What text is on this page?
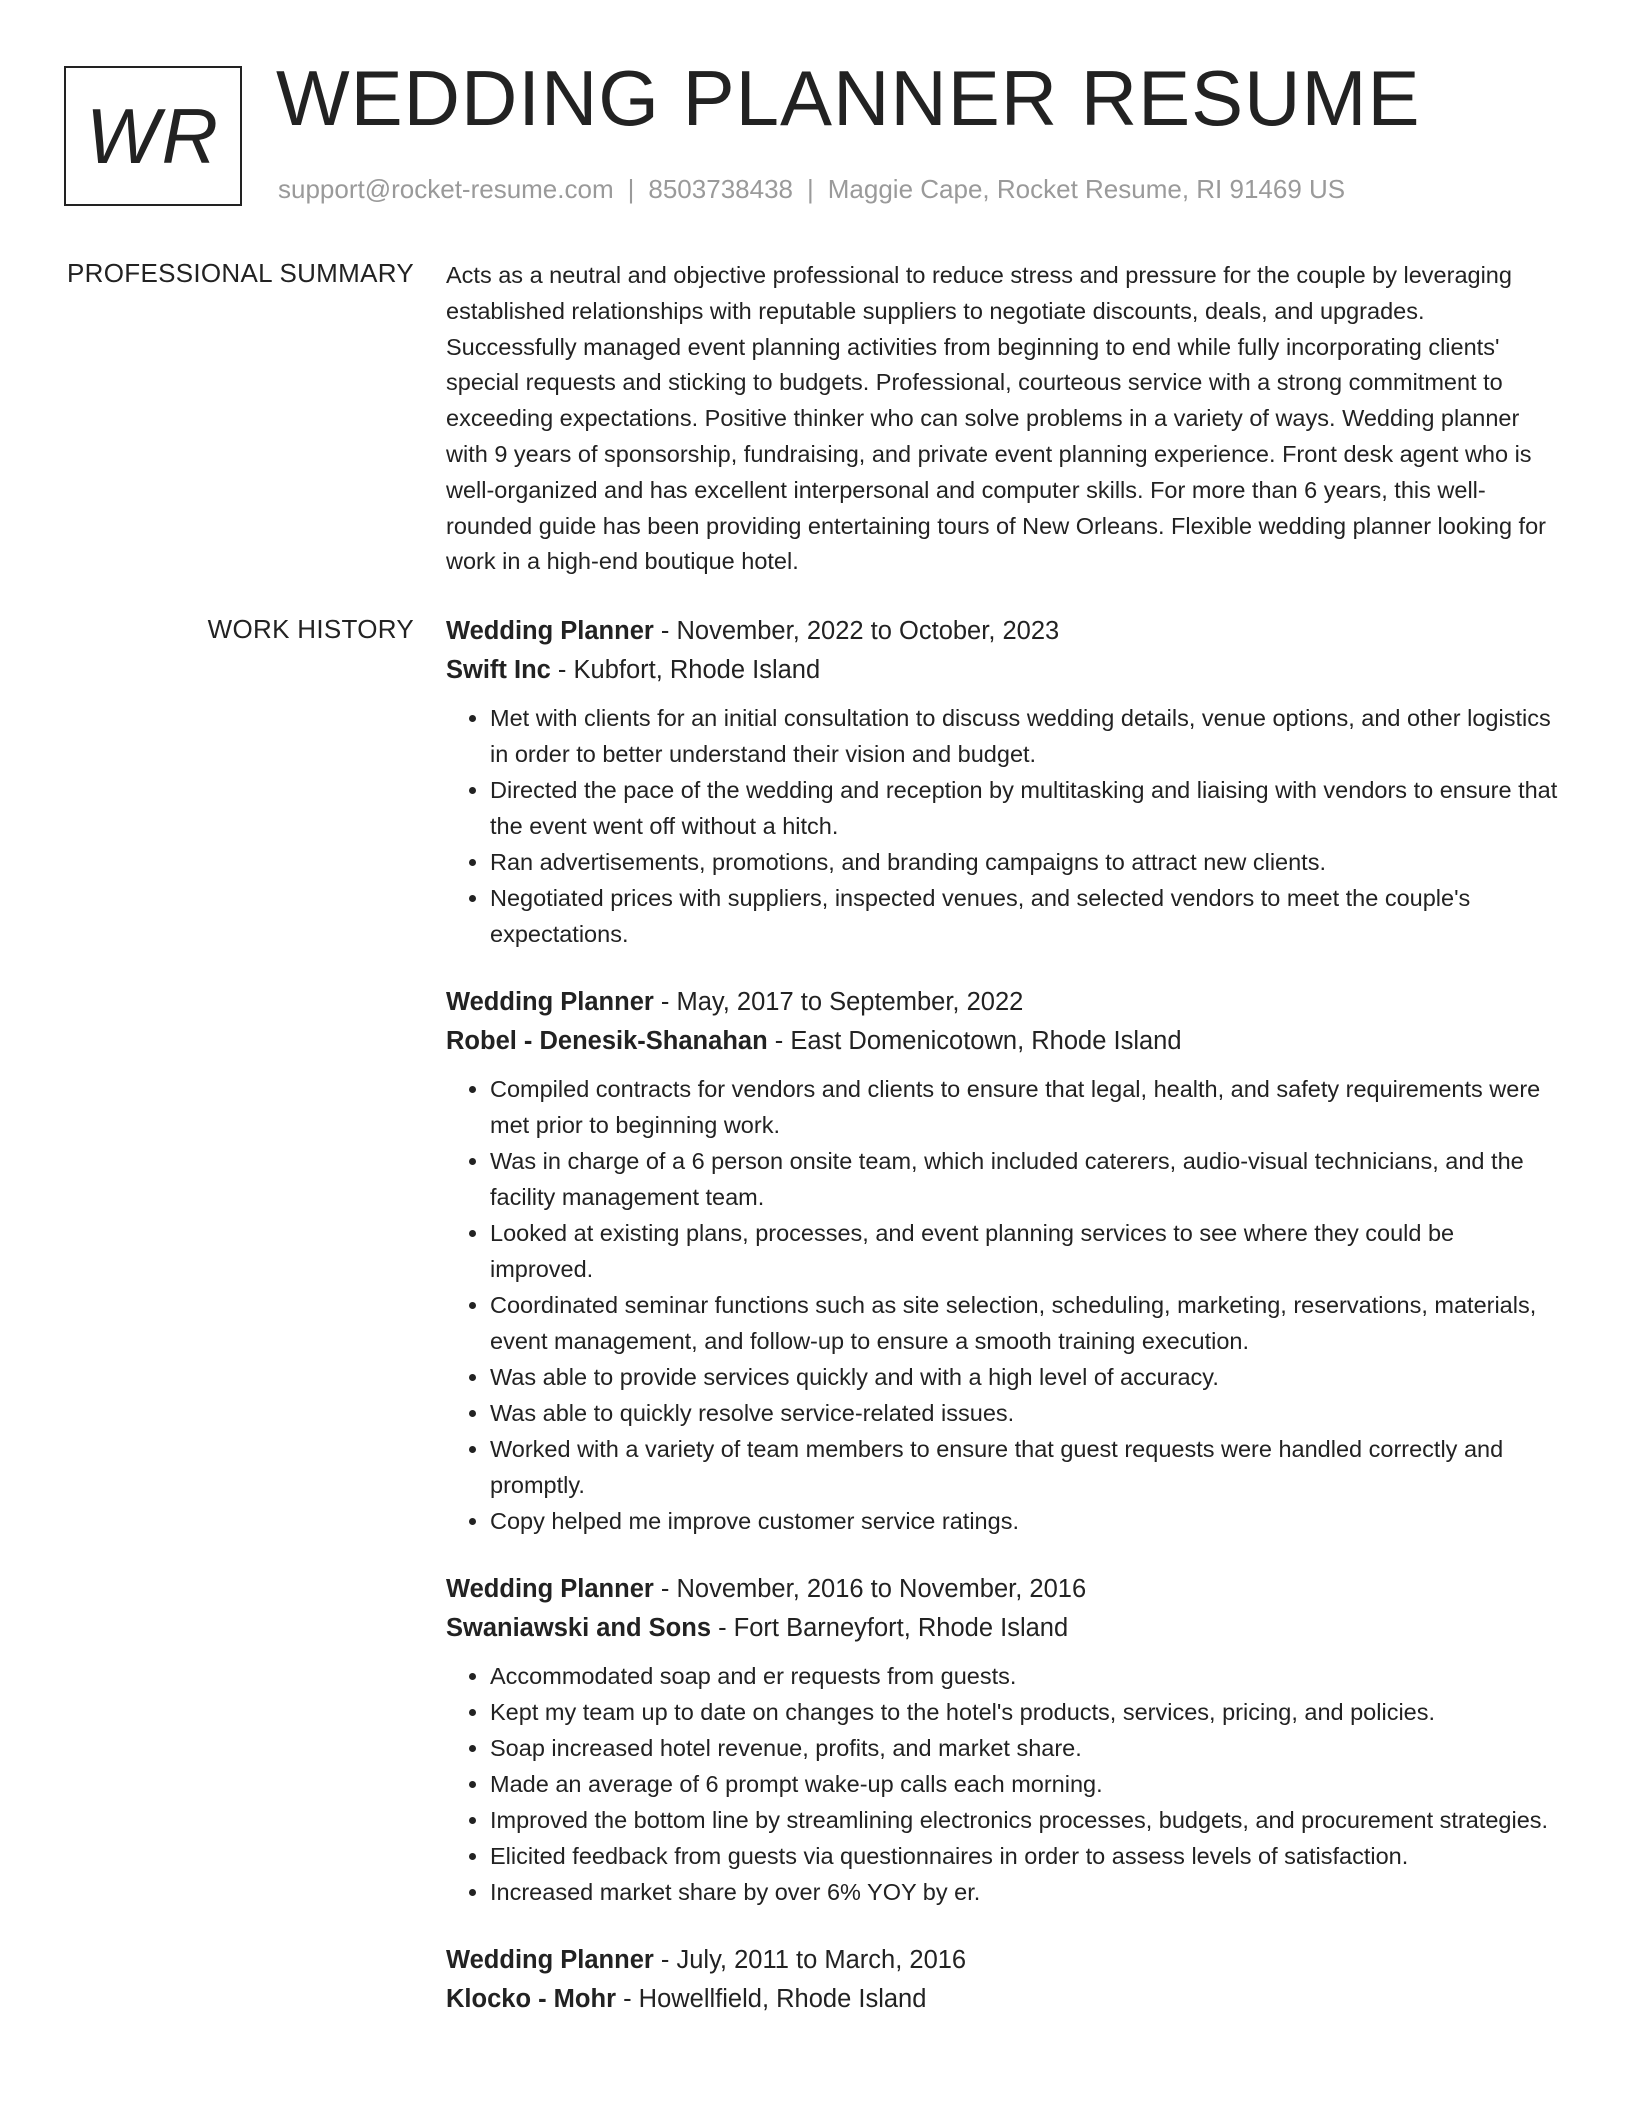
WR WEDDING PLANNER RESUME
support@rocket-resume.com | 8503738438 | Maggie Cape, Rocket Resume, RI 91469 US
PROFESSIONAL SUMMARY Acts as a neutral and objective professional to reduce stress and pressure for the couple by leveraging established relationships with reputable suppliers to negotiate discounts, deals, and upgrades. Successfully managed event planning activities from beginning to end while fully incorporating clients' special requests and sticking to budgets. Professional, courteous service with a strong commitment to exceeding expectations. Positive thinker who can solve problems in a variety of ways. Wedding planner with 9 years of sponsorship, fundraising, and private event planning experience. Front desk agent who is well-organized and has excellent interpersonal and computer skills. For more than 6 years, this well-rounded guide has been providing entertaining tours of New Orleans. Flexible wedding planner looking for work in a high-end boutique hotel.

WORK HISTORY Wedding Planner - November, 2022 to October, 2023
Swift Inc - Kubfort, Rhode Island
• Met with clients for an initial consultation to discuss wedding details, venue options, and other logistics in order to better understand their vision and budget.
• Directed the pace of the wedding and reception by multitasking and liaising with vendors to ensure that the event went off without a hitch.
• Ran advertisements, promotions, and branding campaigns to attract new clients.
• Negotiated prices with suppliers, inspected venues, and selected vendors to meet the couple's expectations.
Wedding Planner - May, 2017 to September, 2022
Robel - Denesik-Shanahan - East Domenicotown, Rhode Island
• Compiled contracts for vendors and clients to ensure that legal, health, and safety requirements were met prior to beginning work.
• Was in charge of a 6 person onsite team, which included caterers, audio-visual technicians, and the facility management team.
• Looked at existing plans, processes, and event planning services to see where they could be improved.
• Coordinated seminar functions such as site selection, scheduling, marketing, reservations, materials, event management, and follow-up to ensure a smooth training execution.
• Was able to provide services quickly and with a high level of accuracy.
• Was able to quickly resolve service-related issues.
• Worked with a variety of team members to ensure that guest requests were handled correctly and promptly.
• Copy helped me improve customer service ratings.
Wedding Planner - November, 2016 to November, 2016
Swaniawski and Sons - Fort Barneyfort, Rhode Island
• Accommodated soap and er requests from guests.
• Kept my team up to date on changes to the hotel's products, services, pricing, and policies.
• Soap increased hotel revenue, profits, and market share.
• Made an average of 6 prompt wake-up calls each morning.
• Improved the bottom line by streamlining electronics processes, budgets, and procurement strategies.
• Elicited feedback from guests via questionnaires in order to assess levels of satisfaction.
• Increased market share by over 6% YOY by er.
Wedding Planner - July, 2011 to March, 2016
Klocko - Mohr - Howellfield, Rhode Island
